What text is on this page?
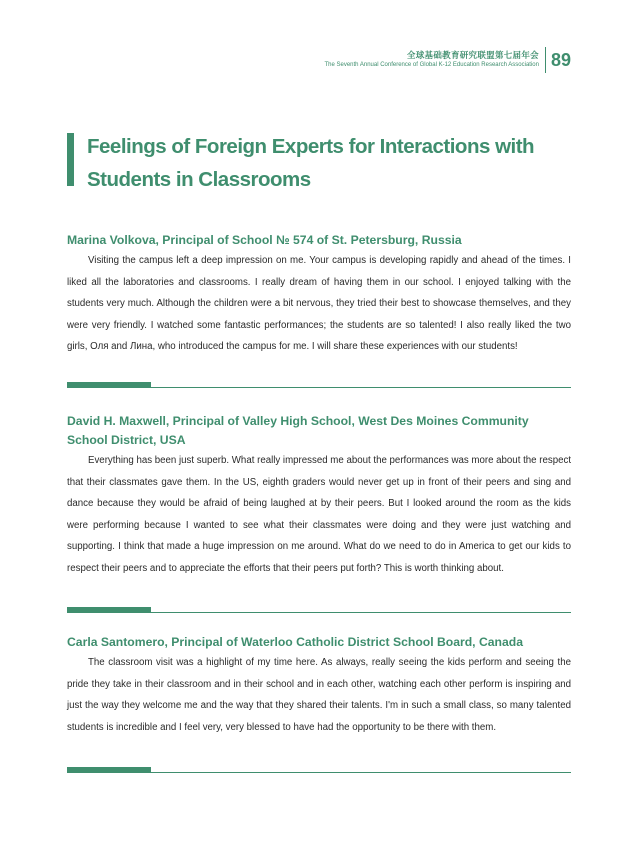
全球基础教育研究联盟第七届年会
The Seventh Annual Conference of Global K-12 Education Research Association 89
Feelings of Foreign Experts for Interactions with Students in Classrooms
Marina Volkova, Principal of School № 574 of St. Petersburg, Russia

Visiting the campus left a deep impression on me. Your campus is developing rapidly and ahead of the times. I liked all the laboratories and classrooms. I really dream of having them in our school. I enjoyed talking with the students very much. Although the children were a bit nervous, they tried their best to showcase themselves, and they were very friendly. I watched some fantastic performances; the students are so talented! I also really liked the two girls, Оля and Лина, who introduced the campus for me. I will share these experiences with our students!

David H. Maxwell, Principal of Valley High School, West Des Moines Community School District, USA

Everything has been just superb. What really impressed me about the performances was more about the respect that their classmates gave them. In the US, eighth graders would never get up in front of their peers and sing and dance because they would be afraid of being laughed at by their peers. But I looked around the room as the kids were performing because I wanted to see what their classmates were doing and they were just watching and supporting. I think that made a huge impression on me around. What do we need to do in America to get our kids to respect their peers and to appreciate the efforts that their peers put forth? This is worth thinking about.

Carla Santomero, Principal of Waterloo Catholic District School Board, Canada

The classroom visit was a highlight of my time here. As always, really seeing the kids perform and seeing the pride they take in their classroom and in their school and in each other, watching each other perform is inspiring and just the way they welcome me and the way that they shared their talents. I'm in such a small class, so many talented students is incredible and I feel very, very blessed to have had the opportunity to be there with them.
